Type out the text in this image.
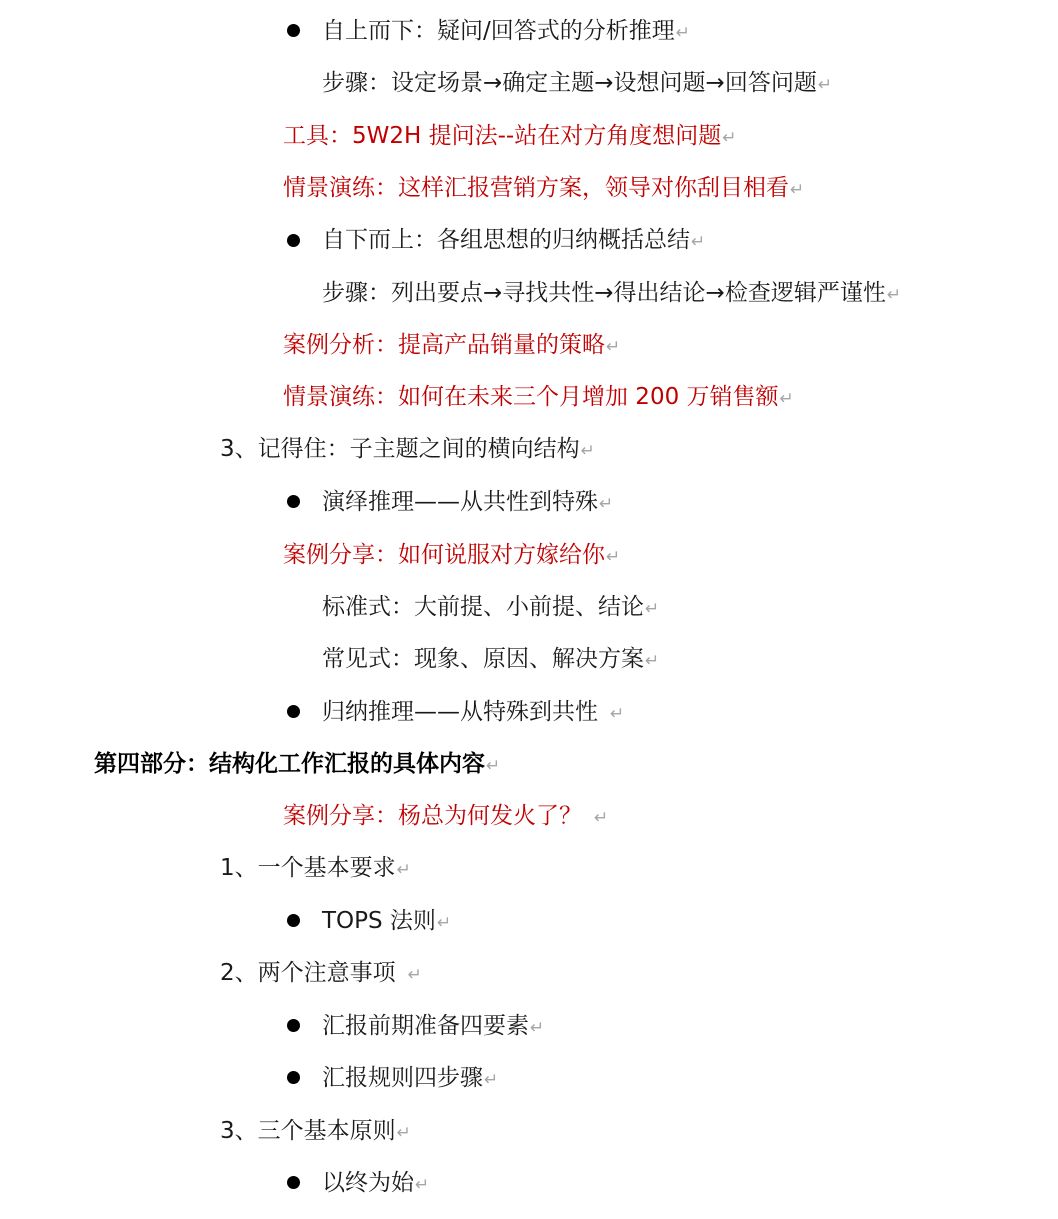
自上而下：疑问/回答式的分析推理↵
步骤：设定场景→确定主题→设想问题→回答问题↵
工具：5W2H 提问法--站在对方角度想问题↵
情景演练：这样汇报营销方案，领导对你刮目相看↵
自下而上：各组思想的归纳概括总结↵
步骤：列出要点→寻找共性→得出结论→检查逻辑严谨性↵
案例分析：提高产品销量的策略↵
情景演练：如何在未来三个月增加 200 万销售额↵
3、记得住：子主题之间的横向结构↵
演绎推理——从共性到特殊↵
案例分享：如何说服对方嫁给你↵
标准式：大前提、小前提、结论↵
常见式：现象、原因、解决方案↵
归纳推理——从特殊到共性 ↵
第四部分：结构化工作汇报的具体内容↵
案例分享：杨总为何发火了？ ↵
1、一个基本要求↵
TOPS 法则↵
2、两个注意事项 ↵
汇报前期准备四要素↵
汇报规则四步骤↵
3、三个基本原则↵
以终为始↵
